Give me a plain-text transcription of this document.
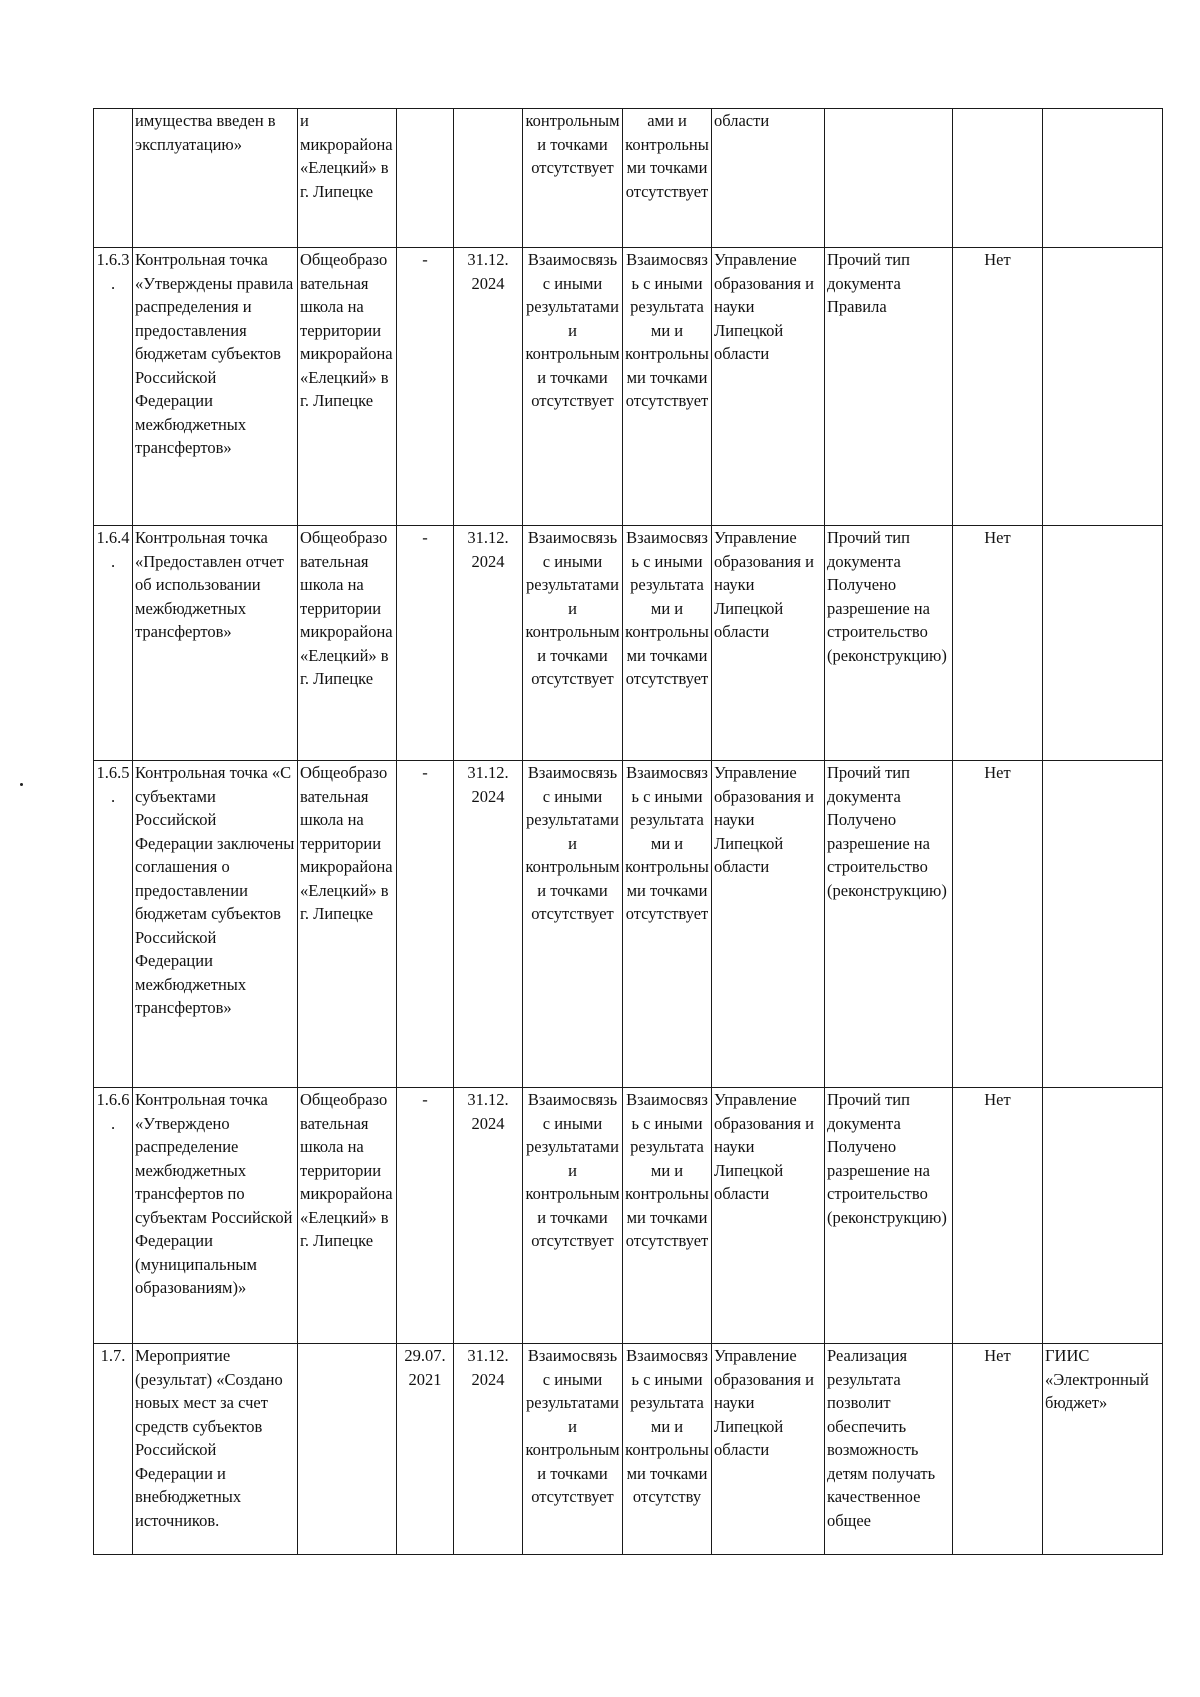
	имущества введен в эксплуатацию»	и микрорайона «Елецкий» в г. Липецке			контрольными точками отсутствует	ами и контрольными точками отсутствует	области			
1.6.3.	Контрольная точка «Утверждены правила распределения и предоставления бюджетам субъектов Российской Федерации межбюджетных трансфертов»	Общеобразовательная школа на территории микрорайона «Елецкий» в г. Липецке	-	31.12. 2024	Взаимосвязь с иными результатами и контрольными точками отсутствует	Взаимосвязь с иными результатами и контрольными точками отсутствует	Управление образования и науки Липецкой области	Прочий тип документа Правила	Нет	
1.6.4.	Контрольная точка «Предоставлен отчет об использовании межбюджетных трансфертов»	Общеобразовательная школа на территории микрорайона «Елецкий» в г. Липецке	-	31.12. 2024	Взаимосвязь с иными результатами и контрольными точками отсутствует	Взаимосвязь с иными результатами и контрольными точками отсутствует	Управление образования и науки Липецкой области	Прочий тип документа Получено разрешение на строительство (реконструкцию)	Нет	
1.6.5.	Контрольная точка «С субъектами Российской Федерации заключены соглашения о предоставлении бюджетам субъектов Российской Федерации межбюджетных трансфертов»	Общеобразовательная школа на территории микрорайона «Елецкий» в г. Липецке	-	31.12. 2024	Взаимосвязь с иными результатами и контрольными точками отсутствует	Взаимосвязь с иными результатами и контрольными точками отсутствует	Управление образования и науки Липецкой области	Прочий тип документа Получено разрешение на строительство (реконструкцию)	Нет	
1.6.6.	Контрольная точка «Утверждено распределение межбюджетных трансфертов по субъектам Российской Федерации (муниципальным образованиям)»	Общеобразовательная школа на территории микрорайона «Елецкий» в г. Липецке	-	31.12. 2024	Взаимосвязь с иными результатами и контрольными точками отсутствует	Взаимосвязь с иными результатами и контрольными точками отсутствует	Управление образования и науки Липецкой области	Прочий тип документа Получено разрешение на строительство (реконструкцию)	Нет	
1.7.	Мероприятие (результат) «Создано новых мест за счет средств субъектов Российской Федерации и внебюджетных источников.		29.07. 2021	31.12. 2024	Взаимосвязь с иными результатами и контрольными точками отсутствует	Взаимосвязь с иными результатами и контрольными точками отсутству	Управление образования и науки Липецкой области	Реализация результата позволит обеспечить возможность детям получать качественное общее	Нет	ГИИС «Электронный бюджет»
